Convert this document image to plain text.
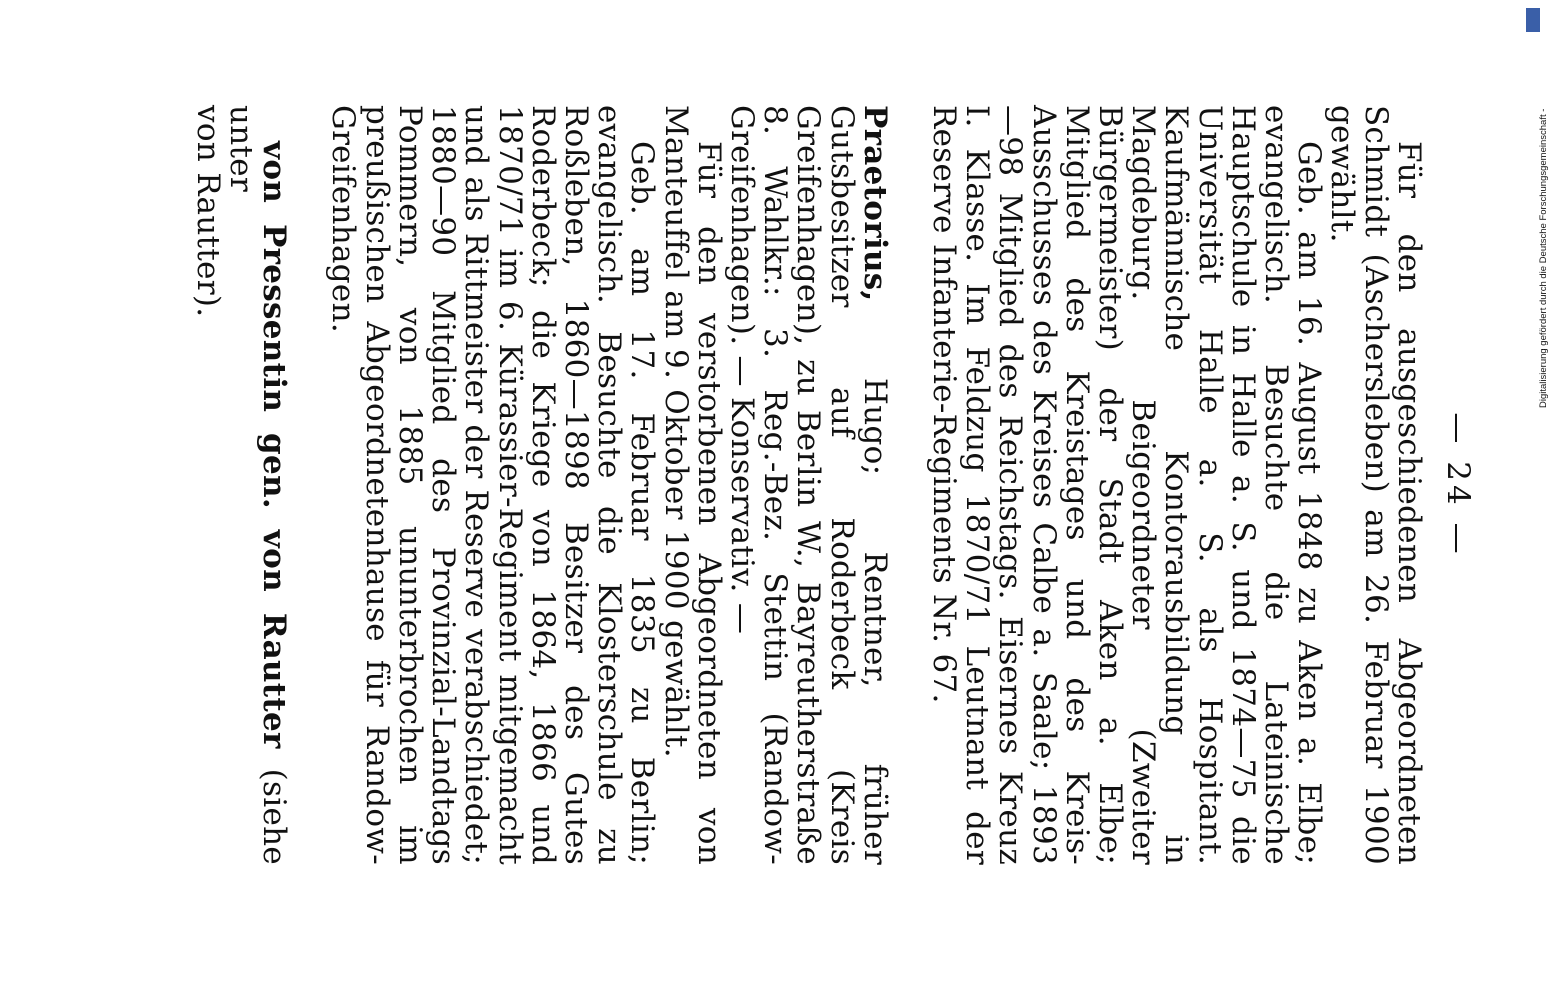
— 24 —

Für den ausgeschiedenen Abgeordneten Schmidt (Aschersleben) am 26. Februar 1900 gewählt.

Geb. am 16. August 1848 zu Aken a. Elbe; evangelisch. Besuchte die Lateinische Hauptschule in Halle a. S. und 1874—75 die Universität Halle a. S. als Hospitant. Kaufmännische Kontorausbildung in Magdeburg. Beigeordneter (Zweiter Bürgermeister) der Stadt Aken a. Elbe; Mitglied des Kreistages und des Kreis-Ausschusses des Kreises Calbe a. Saale; 1893—98 Mitglied des Reichstags. Eisernes Kreuz I. Klasse. Im Feldzug 1870/71 Leutnant der Reserve Infanterie-Regiments Nr. 67.

Praetorius, Hugo; Rentner, früher Gutsbesitzer auf Roderbeck (Kreis Greifenhagen), zu Berlin W., Bayreutherstraße 8. Wahlkr.: 3. Reg.-Bez. Stettin (Randow-Greifenhagen). — Konservativ. —

Für den verstorbenen Abgeordneten von Manteuffel am 9. Oktober 1900 gewählt.

Geb. am 17. Februar 1835 zu Berlin; evangelisch. Besuchte die Klosterschule zu Roßleben, 1860—1898 Besitzer des Gutes Roderbeck; die Kriege von 1864, 1866 und 1870/71 im 6. Kürassier-Regiment mitgemacht und als Rittmeister der Reserve verabschiedet; 1880—90 Mitglied des Provinzial-Landtags Pommern, von 1885 ununterbrochen im preußischen Abgeordnetenhause für Randow-Greifenhagen.

von Pressentin gen. von Rautter (siehe unter

von Rautter).

DFG
Digitalisierung gefördert durch die Deutsche Forschungsgemeinschaft -
